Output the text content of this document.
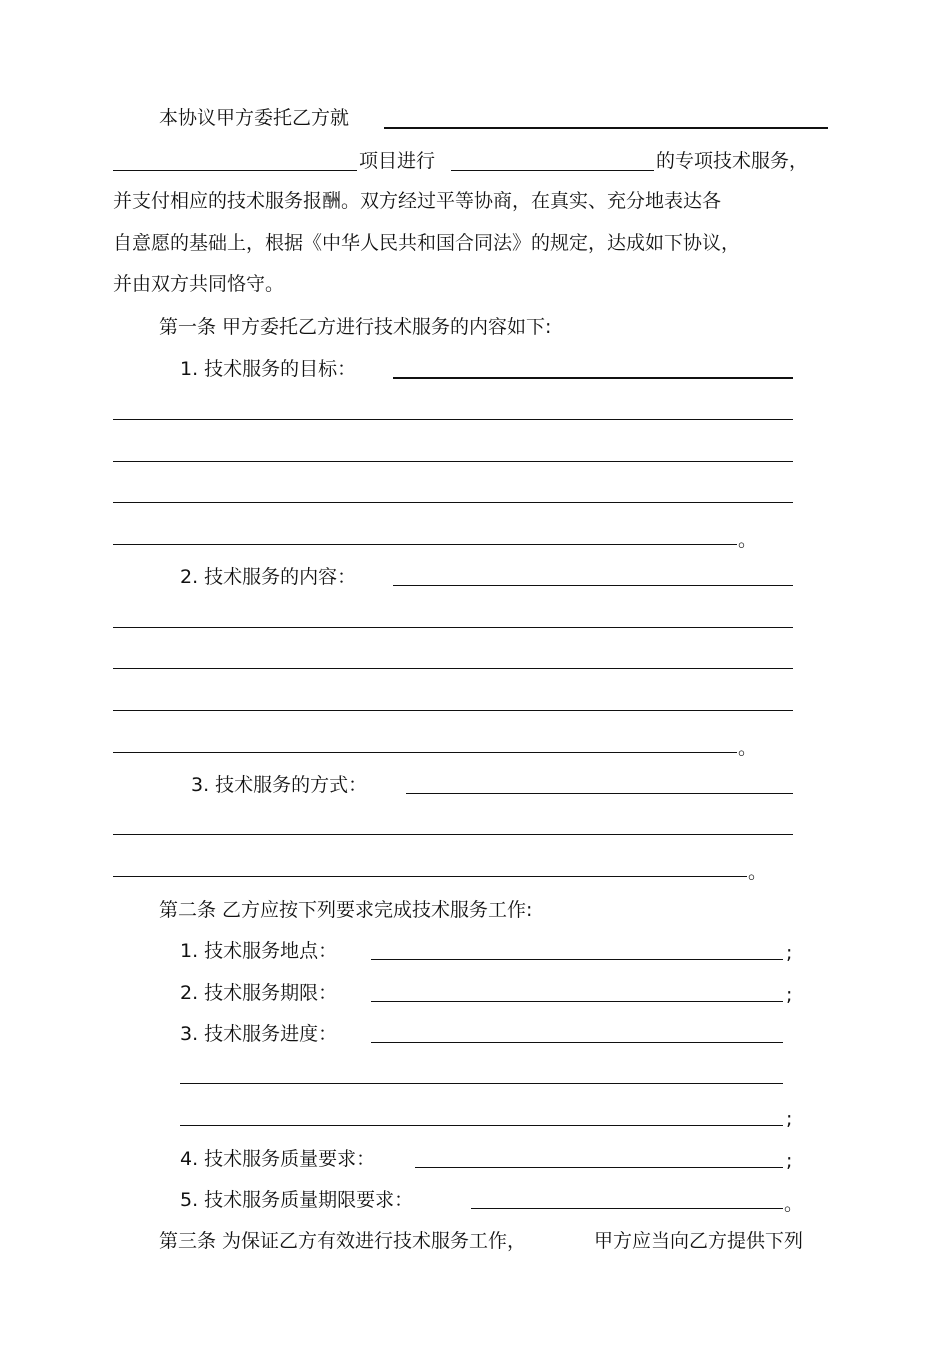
本协议甲方委托乙方就
项目进行	的专项技术服务，
并支付相应的技术服务报酬。双方经过平等协商，在真实、充分地表达各
自意愿的基础上，根据《中华人民共和国合同法》的规定，达成如下协议，
并由双方共同恪守。
第一条 甲方委托乙方进行技术服务的内容如下:
1. 技术服务的目标：
。
2. 技术服务的内容：
。
3. 技术服务的方式：
。
第二条 乙方应按下列要求完成技术服务工作:
1. 技术服务地点：	;
2. 技术服务期限：	;
3. 技术服务进度：
;
4. 技术服务质量要求：	;
5. 技术服务质量期限要求：	。
第三条 为保证乙方有效进行技术服务工作，	甲方应当向乙方提供下列
